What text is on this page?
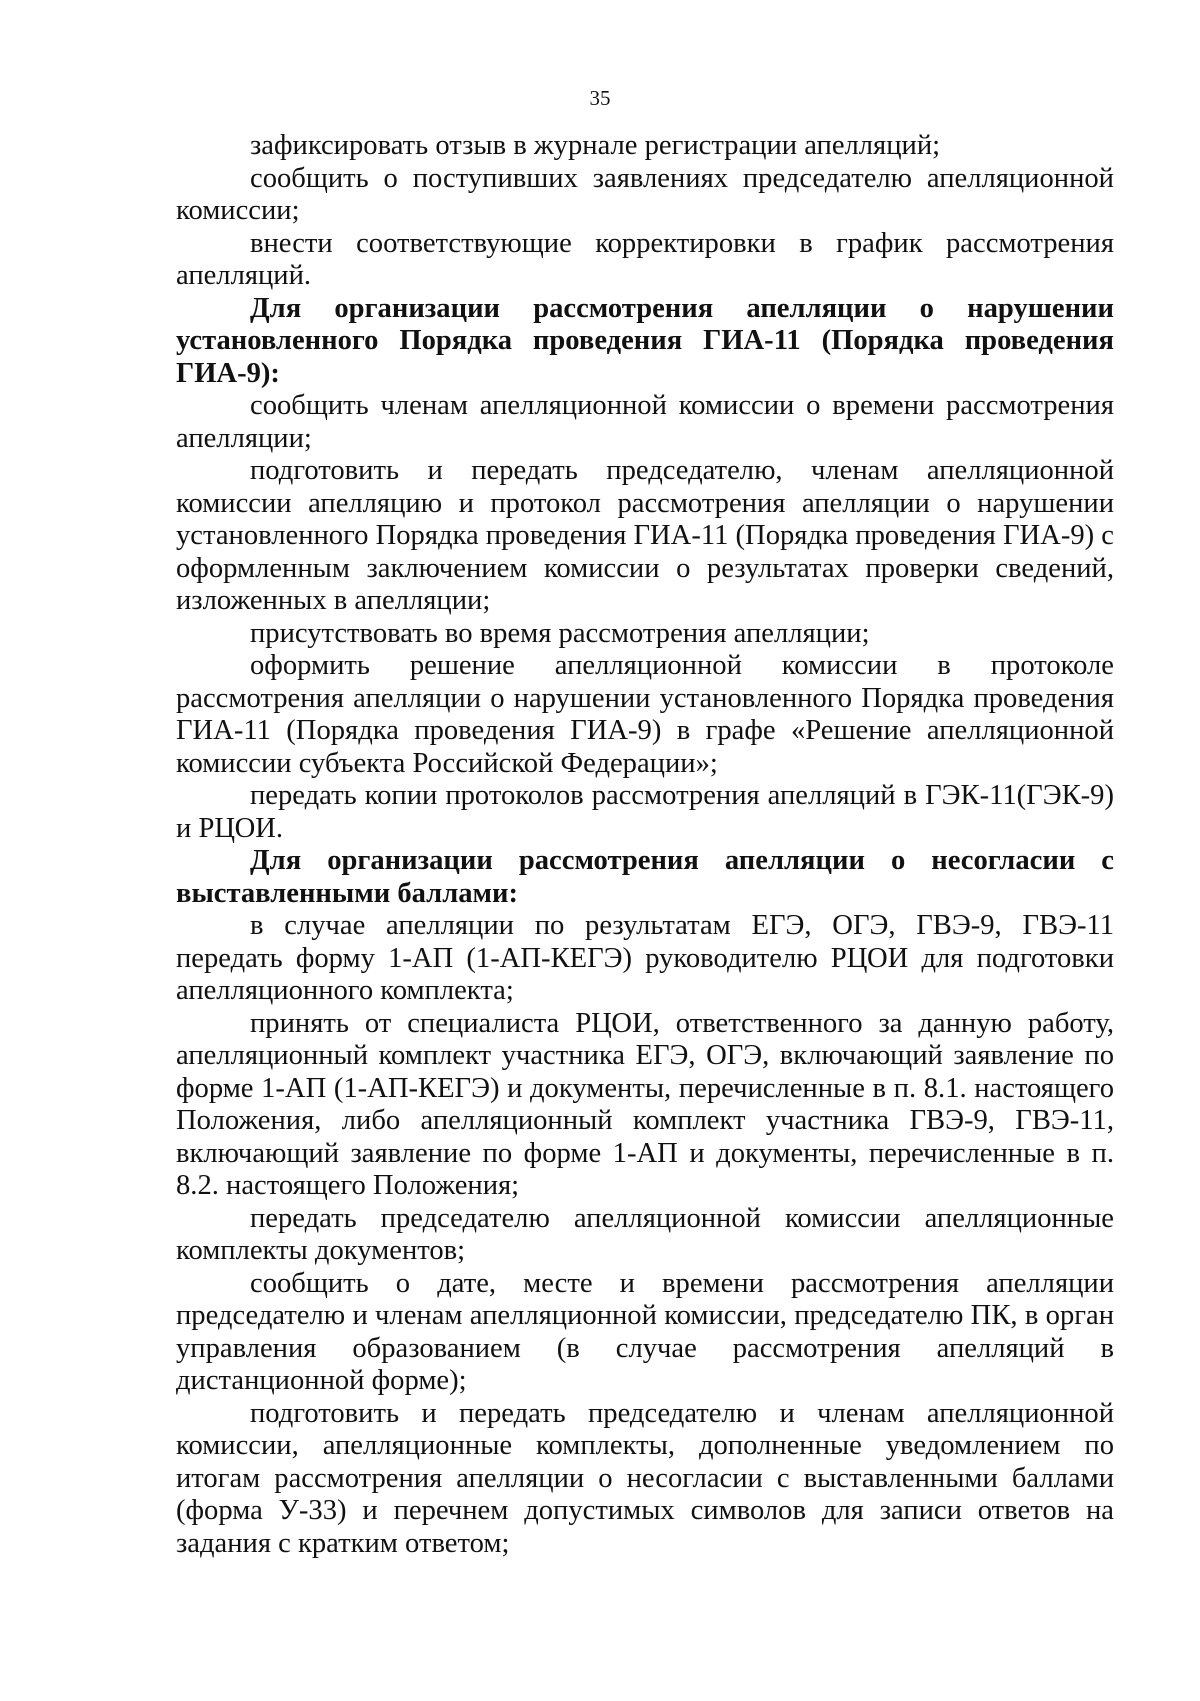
35

зафиксировать отзыв в журнале регистрации апелляций;

сообщить о поступивших заявлениях председателю апелляционной комиссии;

внести соответствующие корректировки в график рассмотрения апелляций.

Для организации рассмотрения апелляции о нарушении установленного Порядка проведения ГИА-11 (Порядка проведения ГИА-9):

сообщить членам апелляционной комиссии о времени рассмотрения апелляции;

подготовить и передать председателю, членам апелляционной комиссии апелляцию и протокол рассмотрения апелляции о нарушении установленного Порядка проведения ГИА-11 (Порядка проведения ГИА-9) с оформленным заключением комиссии о результатах проверки сведений, изложенных в апелляции;

присутствовать во время рассмотрения апелляции;

оформить решение апелляционной комиссии в протоколе рассмотрения апелляции о нарушении установленного Порядка проведения ГИА-11 (Порядка проведения ГИА-9) в графе «Решение апелляционной комиссии субъекта Российской Федерации»;

передать копии протоколов рассмотрения апелляций в ГЭК-11(ГЭК-9) и РЦОИ.

Для организации рассмотрения апелляции о несогласии с выставленными баллами:

в случае апелляции по результатам ЕГЭ, ОГЭ, ГВЭ-9, ГВЭ-11 передать форму 1-АП (1-АП-КЕГЭ) руководителю РЦОИ для подготовки апелляционного комплекта;

принять от специалиста РЦОИ, ответственного за данную работу, апелляционный комплект участника ЕГЭ, ОГЭ, включающий заявление по форме 1-АП (1-АП-КЕГЭ) и документы, перечисленные в п. 8.1. настоящего Положения, либо апелляционный комплект участника ГВЭ-9, ГВЭ-11, включающий заявление по форме 1-АП и документы, перечисленные в п. 8.2. настоящего Положения;

передать председателю апелляционной комиссии апелляционные комплекты документов;

сообщить о дате, месте и времени рассмотрения апелляции председателю и членам апелляционной комиссии, председателю ПК, в орган управления образованием (в случае рассмотрения апелляций в дистанционной форме);

подготовить и передать председателю и членам апелляционной комиссии, апелляционные комплекты, дополненные уведомлением по итогам рассмотрения апелляции о несогласии с выставленными баллами (форма У-33) и перечнем допустимых символов для записи ответов на задания с кратким ответом;
